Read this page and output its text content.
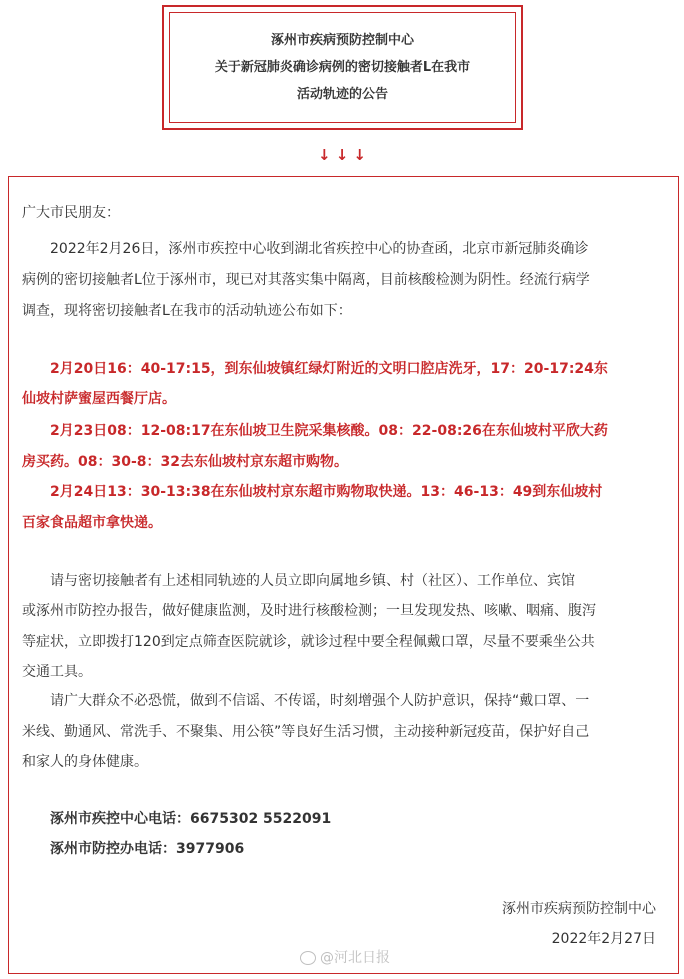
涿州市疾病预防控制中心
关于新冠肺炎确诊病例的密切接触者L在我市
活动轨迹的公告
↓ ↓ ↓
广大市民朋友：
2022年2月26日，涿州市疾控中心收到湖北省疾控中心的协查函，北京市新冠肺炎确诊
病例的密切接触者L位于涿州市，现已对其落实集中隔离，目前核酸检测为阴性。经流行病学
调查，现将密切接触者L在我市的活动轨迹公布如下：
2月20日16：40-17:15，到东仙坡镇红绿灯附近的文明口腔店洗牙，17：20-17:24东
仙坡村萨蜜屋西餐厅店。
2月23日08：12-08:17在东仙坡卫生院采集核酸。08：22-08:26在东仙坡村平欣大药
房买药。08：30-8：32去东仙坡村京东超市购物。
2月24日13：30-13:38在东仙坡村京东超市购物取快递。13：46-13：49到东仙坡村
百家食品超市拿快递。
请与密切接触者有上述相同轨迹的人员立即向属地乡镇、村（社区）、工作单位、宾馆
或涿州市防控办报告，做好健康监测，及时进行核酸检测；一旦发现发热、咳嗽、咽痛、腹泻
等症状，立即拨打120到定点筛查医院就诊，就诊过程中要全程佩戴口罩，尽量不要乘坐公共
交通工具。
请广大群众不必恐慌，做到不信谣、不传谣，时刻增强个人防护意识，保持“戴口罩、一
米线、勤通风、常洗手、不聚集、用公筷”等良好生活习惯，主动接种新冠疫苗，保护好自己
和家人的身体健康。
涿州市疾控中心电话：6675302 5522091
涿州市防控办电话：3977906
涿州市疾病预防控制中心
2022年2月27日
@河北日报
